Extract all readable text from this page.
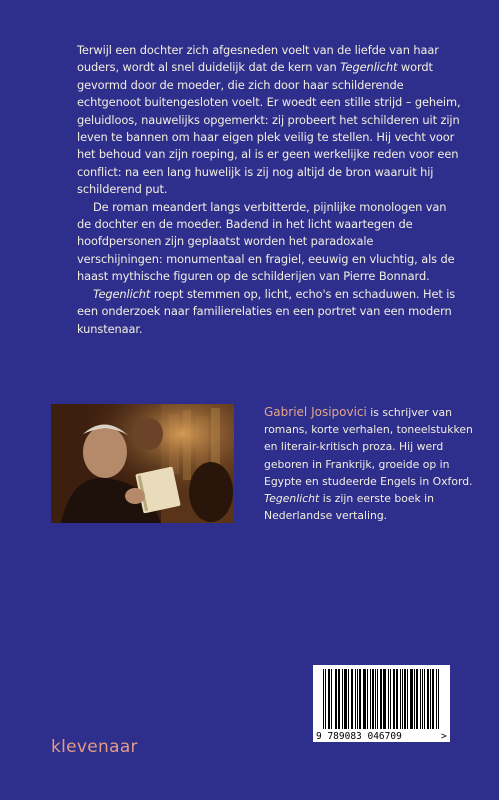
Terwijl een dochter zich afgesneden voelt van de liefde van haar ouders, wordt al snel duidelijk dat de kern van Tegenlicht wordt gevormd door de moeder, die zich door haar schilderende echtgenoot buitengesloten voelt. Er woedt een stille strijd – geheim, geluidloos, nauwelijks opgemerkt: zij probeert het schilderen uit zijn leven te bannen om haar eigen plek veilig te stellen. Hij vecht voor het behoud van zijn roeping, al is er geen werkelijke reden voor een conflict: na een lang huwelijk is zij nog altijd de bron waaruit hij schilderend put.

De roman meandert langs verbitterde, pijnlijke monologen van de dochter en de moeder. Badend in het licht waartegen de hoofdpersonen zijn geplaatst worden het paradoxale verschijningen: monumentaal en fragiel, eeuwig en vluchtig, als de haast mythische figuren op de schilderijen van Pierre Bonnard.

Tegenlicht roept stemmen op, licht, echo's en schaduwen. Het is een onderzoek naar familierelaties en een portret van een modern kunstenaar.

Gabriel Josipovici is schrijver van romans, korte verhalen, toneelstukken en literair-kritisch proza. Hij werd geboren in Frankrijk, groeide op in Egypte en studeerde Engels in Oxford. Tegenlicht is zijn eerste boek in Nederlandse vertaling.
9 789083 046709	>
klevenaar
